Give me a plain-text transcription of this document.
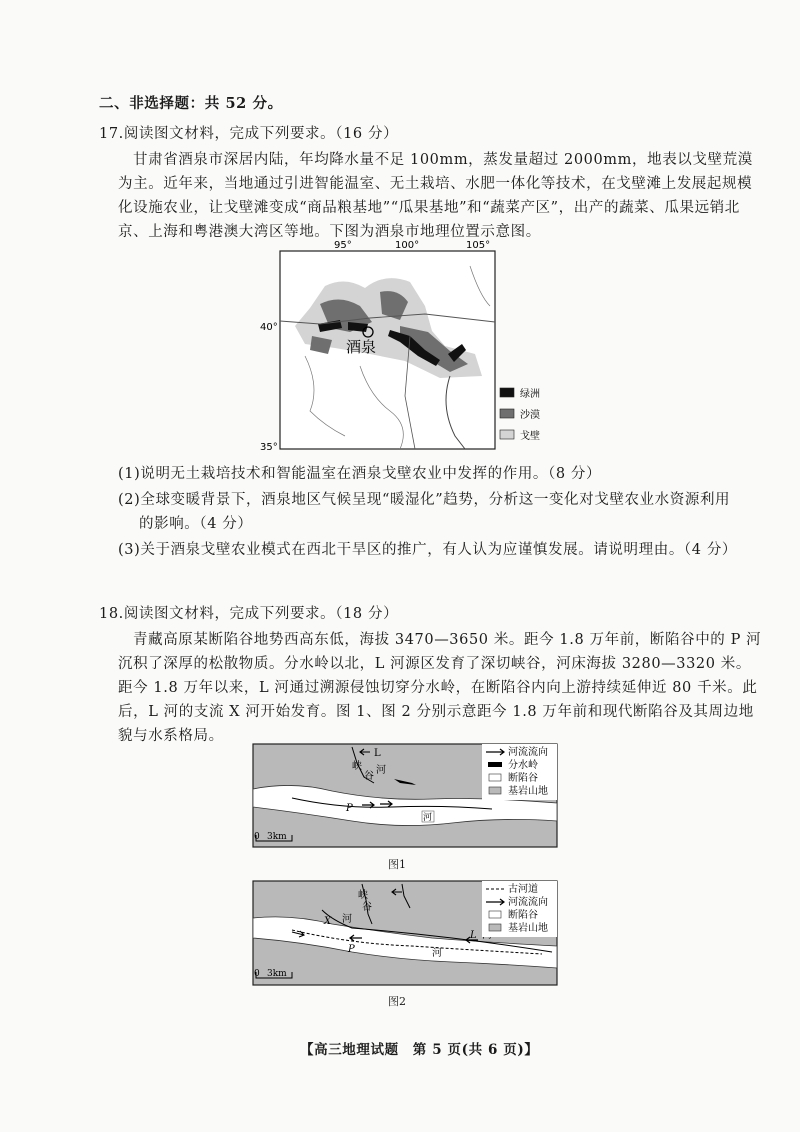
二、非选择题：共 52 分。
17.阅读图文材料，完成下列要求。（16 分）
甘肃省酒泉市深居内陆，年均降水量不足 100mm，蒸发量超过 2000mm，地表以戈壁荒漠
为主。近年来，当地通过引进智能温室、无土栽培、水肥一体化等技术，在戈壁滩上发展起规模
化设施农业，让戈壁滩变成“商品粮基地”“瓜果基地”和“蔬菜产区”，出产的蔬菜、瓜果远销北
京、上海和粤港澳大湾区等地。下图为酒泉市地理位置示意图。
95°	100°	105°
40°
35°
酒泉
绿洲
沙漠
戈壁
(1)说明无土栽培技术和智能温室在酒泉戈壁农业中发挥的作用。（8 分）
(2)全球变暖背景下，酒泉地区气候呈现“暖湿化”趋势，分析这一变化对戈壁农业水资源利用
的影响。（4 分）
(3)关于酒泉戈壁农业模式在西北干旱区的推广，有人认为应谨慎发展。请说明理由。（4 分）
18.阅读图文材料，完成下列要求。（18 分）
青藏高原某断陷谷地势西高东低，海拔 3470—3650 米。距今 1.8 万年前，断陷谷中的 P 河
沉积了深厚的松散物质。分水岭以北，L 河源区发育了深切峡谷，河床海拔 3280—3320 米。
距今 1.8 万年以来，L 河通过溯源侵蚀切穿分水岭，在断陷谷内向上游持续延伸近 80 千米。此
后，L 河的支流 X 河开始发育。图 1、图 2 分别示意距今 1.8 万年前和现代断陷谷及其周边地
貌与水系格局。
L
峡
谷
河
P
河
河流流向
分水岭
断陷谷
基岩山地
0 3km
图1
峡
谷
X 河
P
L
河
古河道
河流流向
断陷谷
基岩山地
0 3km
图2
【高三地理试题　第 5 页(共 6 页)】
